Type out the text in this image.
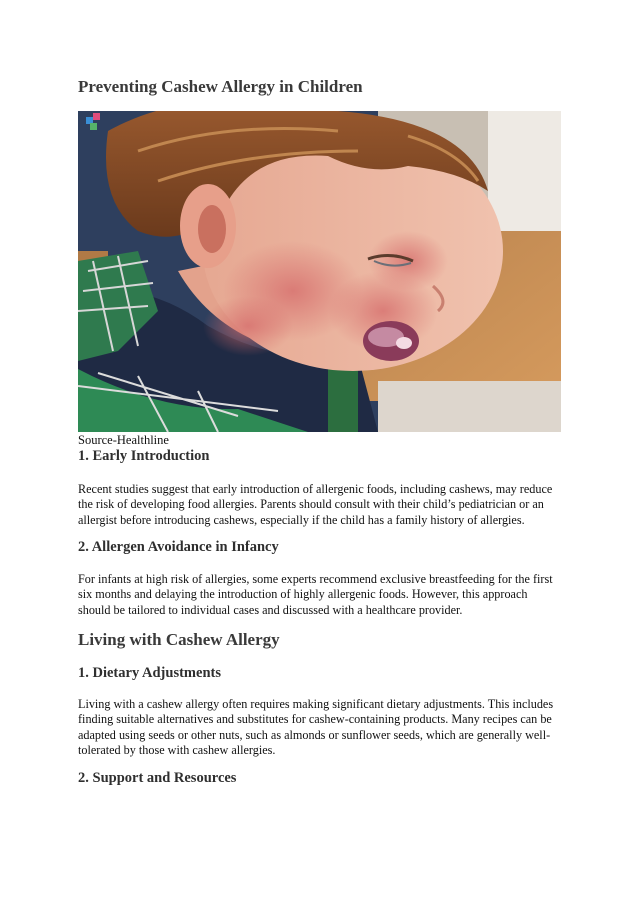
Preventing Cashew Allergy in Children
Source-Healthline
1. Early Introduction

Recent studies suggest that early introduction of allergenic foods, including cashews, may reduce the risk of developing food allergies. Parents should consult with their child’s pediatrician or an allergist before introducing cashews, especially if the child has a family history of allergies.

2. Allergen Avoidance in Infancy

For infants at high risk of allergies, some experts recommend exclusive breastfeeding for the first six months and delaying the introduction of highly allergenic foods. However, this approach should be tailored to individual cases and discussed with a healthcare provider.

Living with Cashew Allergy
1. Dietary Adjustments

Living with a cashew allergy often requires making significant dietary adjustments. This includes finding suitable alternatives and substitutes for cashew-containing products. Many recipes can be adapted using seeds or other nuts, such as almonds or sunflower seeds, which are generally well-tolerated by those with cashew allergies.

2. Support and Resources
